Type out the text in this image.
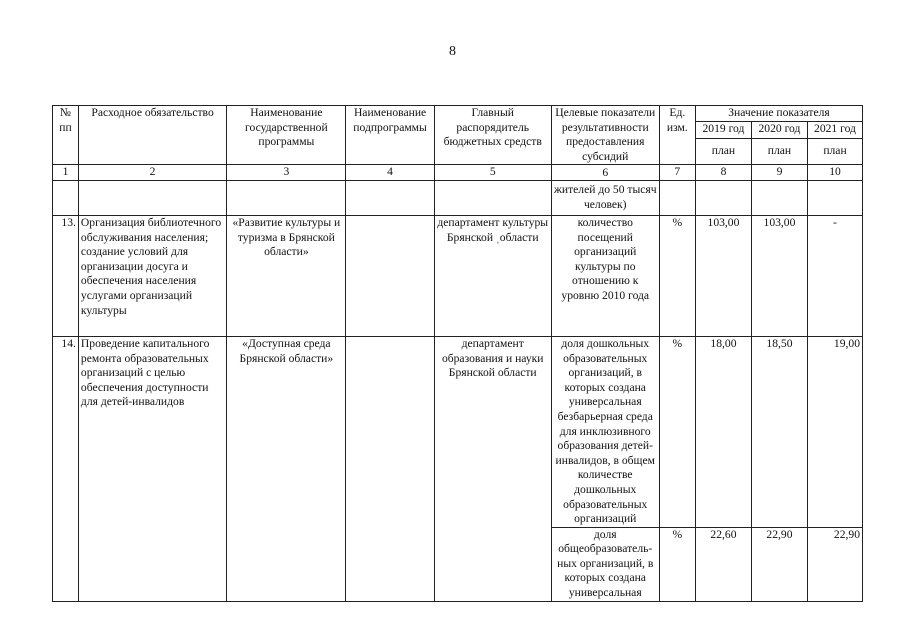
8
№ пп	Расходное обязательство	Наименование государственной программы	Наименование подпрограммы	Главный распорядитель бюджетных средств	Целевые показатели результативности предоставления субсидий	Ед. изм.	Значение показателя		
							2019 год	2020 год	2021 год
							план	план	план
1	2	3	4	5	6	7	8	9	10
					жителей до 50 тысяч человек)				
13.	Организация библиотечного обслуживания населения; создание условий для организации досуга и обеспечения населения услугами организаций культуры	«Развитие культуры и туризма в Брянской области»		департамент культуры Брянской ˌобласти	количество посещений организаций культуры по отношению к уровню 2010 года	%	103,00	103,00	-
14.	Проведение капитального ремонта образовательных организаций с целью обеспечения доступности для детей-инвалидов	«Доступная среда Брянской области»		департамент образования и науки Брянской области	доля дошкольных образовательных организаций, в которых создана универсальная безбарьерная среда для инклюзивного образования детей-инвалидов, в общем количестве дошкольных образовательных организаций	%	18,00	18,50	19,00
					доля общеобразователь-ных организаций, в которых создана универсальная	%	22,60	22,90	22,90
